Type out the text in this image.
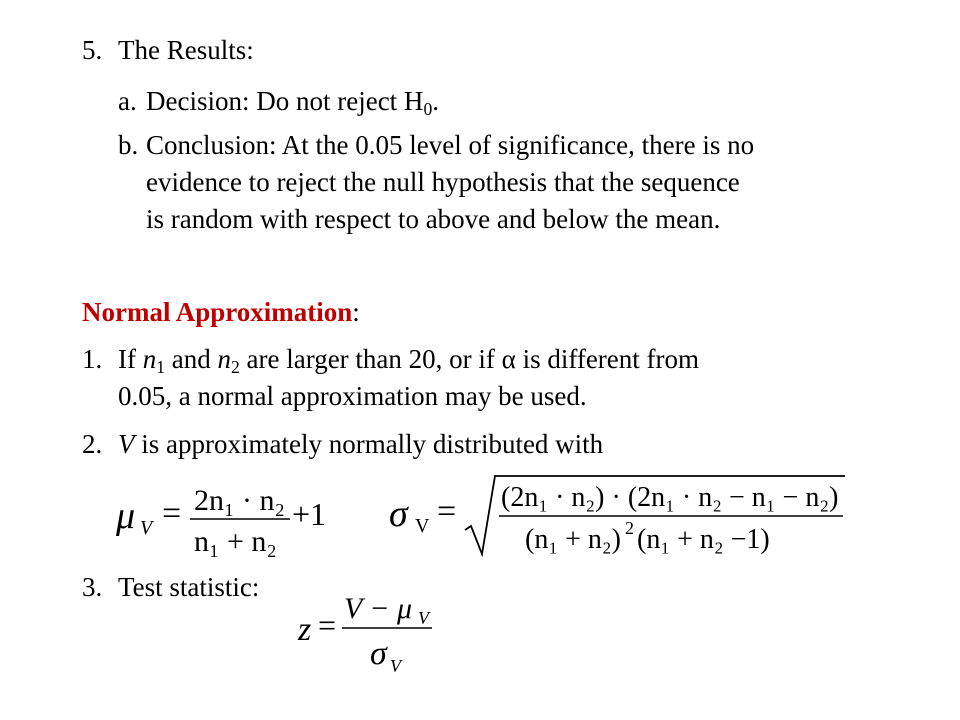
5. The Results:
a. Decision: Do not reject $H_0$.
b. Conclusion: At the 0.05 level of significance, there is no
evidence to reject the null hypothesis that the sequence
is random with respect to above and below the mean.
Normal Approximation:
1. If $n_1$ and $n_2$ are larger than 20, or if α is different from
0.05, a normal approximation may be used.
2. V is approximately normally distributed with
μ V = 2n₁ · n₂
n₁ + n₂
+1 σ V = (2n₁ · n₂) · (2n₁ · n₂ − n₁ − n₂)
(n₁ + n₂) 2 (n₁ + n₂ −1)
3. Test statistic:
z = V − μ V
σ V
